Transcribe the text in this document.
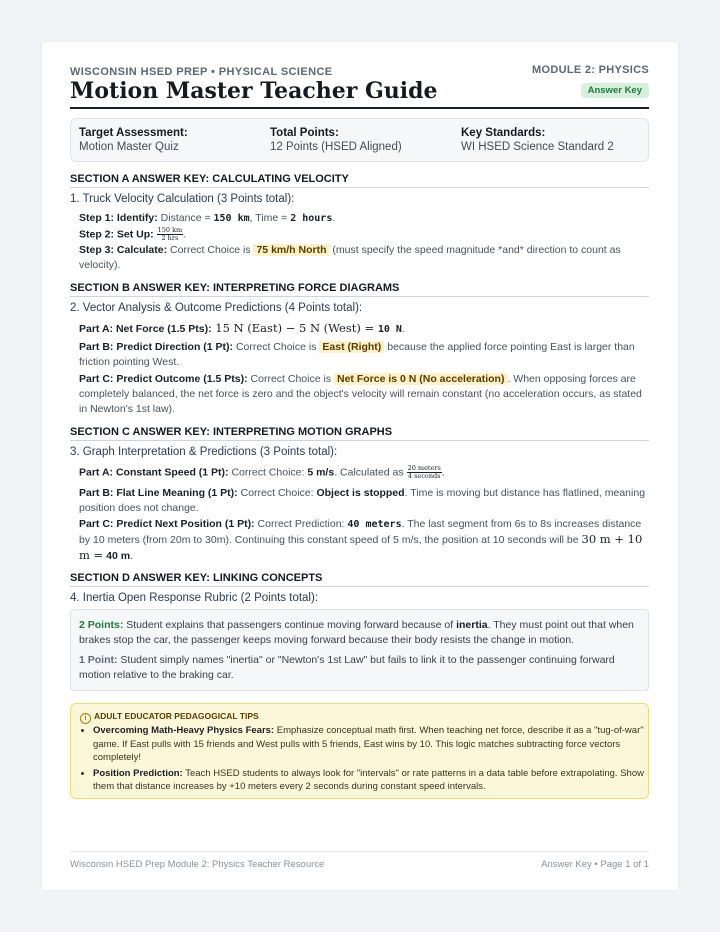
WISCONSIN HSED PREP • PHYSICAL SCIENCE
Motion Master Teacher Guide
MODULE 2: PHYSICS
Answer Key
Target Assessment:
Motion Master Quiz
Total Points:
12 Points (HSED Aligned)
Key Standards:
WI HSED Science Standard 2
SECTION A ANSWER KEY: CALCULATING VELOCITY
1. Truck Velocity Calculation (3 Points total):
Step 1: Identify: Distance = 150 km, Time = 2 hours.
Step 2: Set Up: $\frac{150 km}{\text{2 hrs}}$ .
Step 3: Calculate: Correct Choice is 75 km/h North (must specify the speed magnitude *and* direction to count as velocity).
SECTION B ANSWER KEY: INTERPRETING FORCE DIAGRAMS
2. Vector Analysis & Outcome Predictions (4 Points total):
Part A: Net Force (1.5 Pts): 15 N (East) − 5 N (West) = 10 N.
Part B: Predict Direction (1 Pt): Correct Choice is East (Right) because the applied force pointing East is larger than friction pointing West.
Part C: Predict Outcome (1.5 Pts): Correct Choice is Net Force is 0 N (No acceleration) . When opposing forces are completely balanced, the net force is zero and the object's velocity will remain constant (no acceleration occurs, as stated in Newton's 1st law).
SECTION C ANSWER KEY: INTERPRETING MOTION GRAPHS
3. Graph Interpretation & Predictions (3 Points total):
Part A: Constant Speed (1 Pt): Correct Choice: 5 m/s. Calculated as $\frac{\text{20 meters}}{\text{4 seconds}}$ .
Part B: Flat Line Meaning (1 Pt): Correct Choice: Object is stopped. Time is moving but distance has flatlined, meaning position does not change.
Part C: Predict Next Position (1 Pt): Correct Prediction: 40 meters. The last segment from 6s to 8s increases distance by 10 meters (from 20m to 30m). Continuing this constant speed of 5 m/s, the position at 10 seconds will be 30 m + 10 m = 40 m.
SECTION D ANSWER KEY: LINKING CONCEPTS
4. Inertia Open Response Rubric (2 Points total):
2 Points: Student explains that passengers continue moving forward because of inertia. They must point out that when brakes stop the car, the passenger keeps moving forward because their body resists the change in motion.
1 Point: Student simply names "inertia" or "Newton's 1st Law" but fails to link it to the passenger continuing forward motion relative to the braking car.
i ADULT EDUCATOR PEDAGOGICAL TIPS
• Overcoming Math-Heavy Physics Fears: Emphasize conceptual math first. When teaching net force, describe it as a "tug-of-war" game. If East pulls with 15 friends and West pulls with 5 friends, East wins by 10. This logic matches subtracting force vectors completely!
• Position Prediction: Teach HSED students to always look for "intervals" or rate patterns in a data table before extrapolating. Show them that distance increases by +10 meters every 2 seconds during constant speed intervals.
Wisconsin HSED Prep Module 2: Physics Teacher Resource	Answer Key • Page 1 of 1
